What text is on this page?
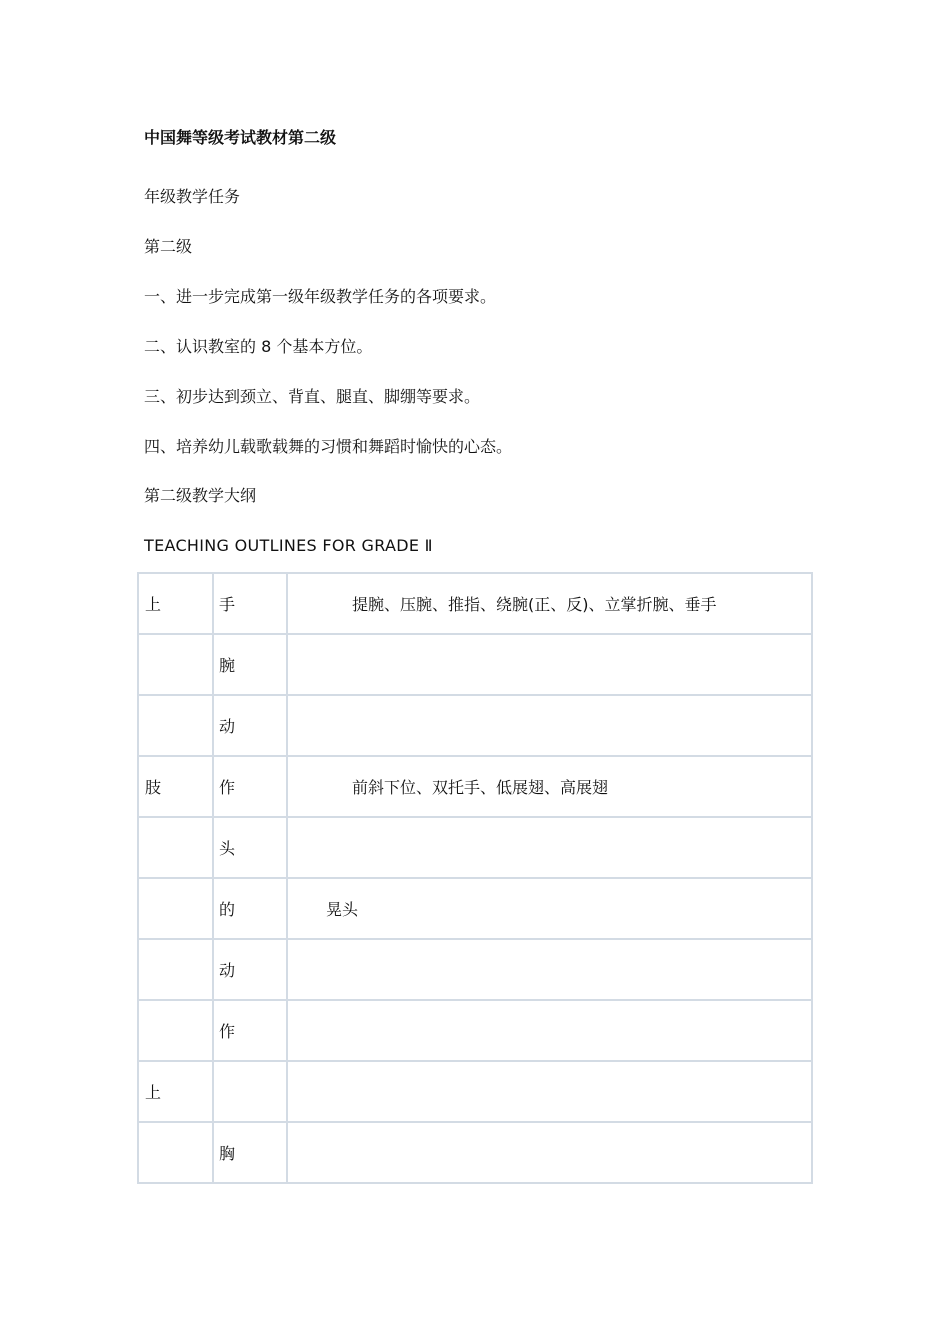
中国舞等级考试教材第二级
年级教学任务
第二级
一、进一步完成第一级年级教学任务的各项要求。
二、认识教室的 8 个基本方位。
三、初步达到颈立、背直、腿直、脚绷等要求。
四、培养幼儿载歌载舞的习惯和舞蹈时愉快的心态。
第二级教学大纲
TEACHING OUTLINES FOR GRADE Ⅱ
上	手	提腕、压腕、推指、绕腕(正、反)、立掌折腕、垂手
	腕	
	动	
肢	作	前斜下位、双托手、低展翅、高展翅
	头	
	的	晃头
	动	
	作	
上		
	胸	
